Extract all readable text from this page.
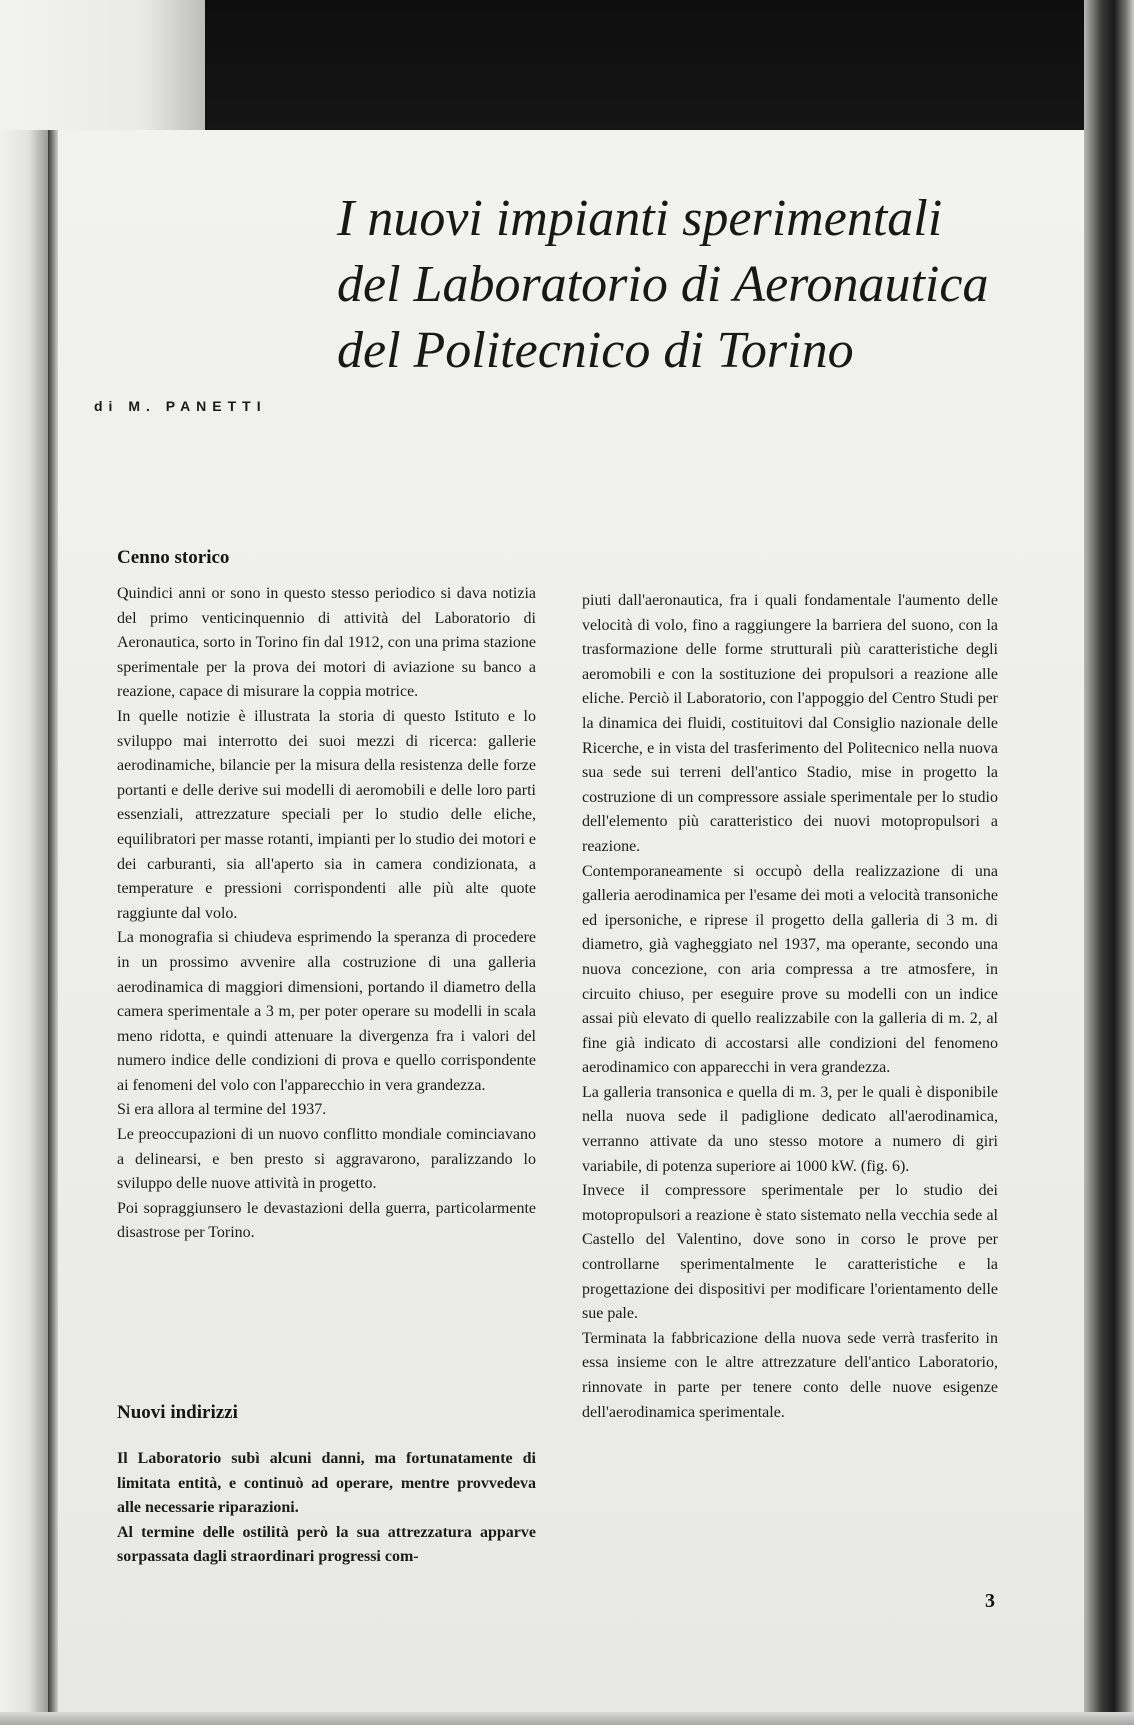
I nuovi impianti sperimentali
del Laboratorio di Aeronautica
del Politecnico di Torino
di M. PANETTI
Cenno storico

Quindici anni or sono in questo stesso periodico si dava notizia del primo venticinquennio di attività del Laboratorio di Aeronautica, sorto in Torino fin dal 1912, con una prima stazione sperimentale per la prova dei motori di aviazione su banco a reazione, capace di misurare la coppia motrice.

In quelle notizie è illustrata la storia di questo Istituto e lo sviluppo mai interrotto dei suoi mezzi di ricerca: gallerie aerodinamiche, bilancie per la misura della resistenza delle forze portanti e delle derive sui modelli di aeromobili e delle loro parti essenziali, attrezzature speciali per lo studio delle eliche, equilibratori per masse rotanti, impianti per lo studio dei motori e dei carburanti, sia all'aperto sia in camera condizionata, a temperature e pressioni corrispondenti alle più alte quote raggiunte dal volo.

La monografia si chiudeva esprimendo la speranza di procedere in un prossimo avvenire alla costruzione di una galleria aerodinamica di maggiori dimensioni, portando il diametro della camera sperimentale a 3 m, per poter operare su modelli in scala meno ridotta, e quindi attenuare la divergenza fra i valori del numero indice delle condizioni di prova e quello corrispondente ai fenomeni del volo con l'apparecchio in vera grandezza.

Si era allora al termine del 1937.

Le preoccupazioni di un nuovo conflitto mondiale cominciavano a delinearsi, e ben presto si aggravarono, paralizzando lo sviluppo delle nuove attività in progetto.

Poi sopraggiunsero le devastazioni della guerra, particolarmente disastrose per Torino.

Nuovi indirizzi

Il Laboratorio subì alcuni danni, ma fortunatamente di limitata entità, e continuò ad operare, mentre provvedeva alle necessarie riparazioni.

Al termine delle ostilità però la sua attrezzatura apparve sorpassata dagli straordinari progressi com-

piuti dall'aeronautica, fra i quali fondamentale l'aumento delle velocità di volo, fino a raggiungere la barriera del suono, con la trasformazione delle forme strutturali più caratteristiche degli aeromobili e con la sostituzione dei propulsori a reazione alle eliche. Perciò il Laboratorio, con l'appoggio del Centro Studi per la dinamica dei fluidi, costituitovi dal Consiglio nazionale delle Ricerche, e in vista del trasferimento del Politecnico nella nuova sua sede sui terreni dell'antico Stadio, mise in progetto la costruzione di un compressore assiale sperimentale per lo studio dell'elemento più caratteristico dei nuovi motopropulsori a reazione.

Contemporaneamente si occupò della realizzazione di una galleria aerodinamica per l'esame dei moti a velocità transoniche ed ipersoniche, e riprese il progetto della galleria di 3 m. di diametro, già vagheggiato nel 1937, ma operante, secondo una nuova concezione, con aria compressa a tre atmosfere, in circuito chiuso, per eseguire prove su modelli con un indice assai più elevato di quello realizzabile con la galleria di m. 2, al fine già indicato di accostarsi alle condizioni del fenomeno aerodinamico con apparecchi in vera grandezza.

La galleria transonica e quella di m. 3, per le quali è disponibile nella nuova sede il padiglione dedicato all'aerodinamica, verranno attivate da uno stesso motore a numero di giri variabile, di potenza superiore ai 1000 kW. (fig. 6).

Invece il compressore sperimentale per lo studio dei motopropulsori a reazione è stato sistemato nella vecchia sede al Castello del Valentino, dove sono in corso le prove per controllarne sperimentalmente le caratteristiche e la progettazione dei dispositivi per modificare l'orientamento delle sue pale.

Terminata la fabbricazione della nuova sede verrà trasferito in essa insieme con le altre attrezzature dell'antico Laboratorio, rinnovate in parte per tenere conto delle nuove esigenze dell'aerodinamica sperimentale.

3
